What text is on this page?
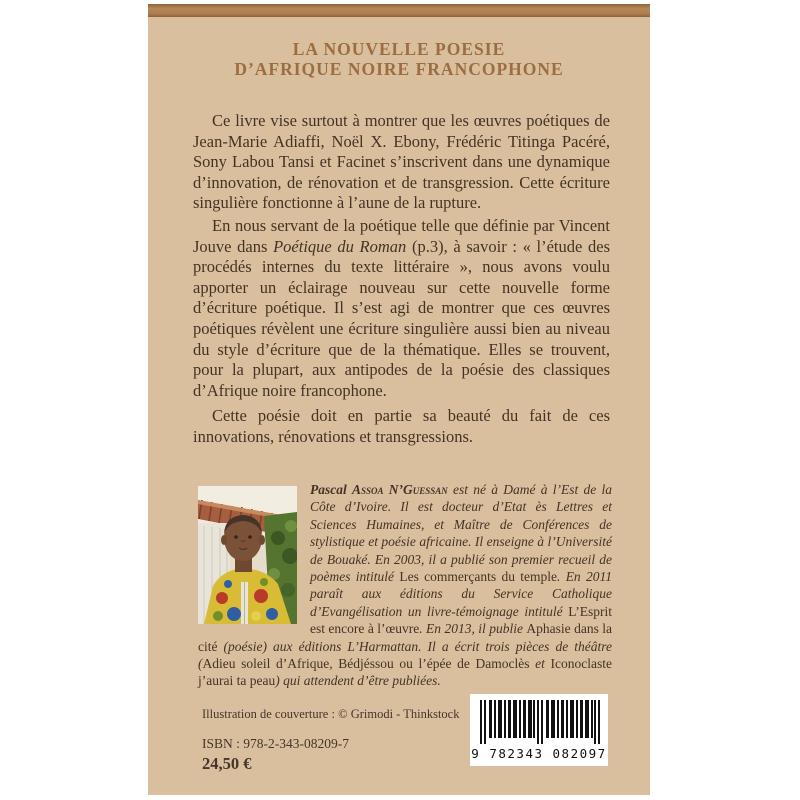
LA NOUVELLE POESIE
D’AFRIQUE NOIRE FRANCOPHONE

Ce livre vise surtout à montrer que les œuvres poétiques de Jean-Marie Adiaffi, Noël X. Ebony, Frédéric Titinga Pacéré, Sony Labou Tansi et Facinet s’inscrivent dans une dynamique d’innovation, de rénovation et de transgression. Cette écriture singulière fonctionne à l’aune de la rupture.

En nous servant de la poétique telle que définie par Vincent Jouve dans Poétique du Roman (p.3), à savoir : « l’étude des procédés internes du texte littéraire », nous avons voulu apporter un éclairage nouveau sur cette nouvelle forme d’écriture poétique. Il s’est agi de montrer que ces œuvres poétiques révèlent une écriture singulière aussi bien au niveau du style d’écriture que de la thématique. Elles se trouvent, pour la plupart, aux antipodes de la poésie des classiques d’Afrique noire francophone.

Cette poésie doit en partie sa beauté du fait de ces innovations, rénovations et transgressions.

Pascal Assoa N’Guessan est né à Damé à l’Est de la Côte d’Ivoire. Il est docteur d’Etat ès Lettres et Sciences Humaines, et Maître de Conférences de stylistique et poésie africaine. Il enseigne à l’Université de Bouaké. En 2003, il a publié son premier recueil de poèmes intitulé Les commerçants du temple. En 2011 paraît aux éditions du Service Catholique d’Evangélisation un livre-témoignage intitulé L’Esprit est encore à l’œuvre. En 2013, il publie Aphasie dans la cité (poésie) aux éditions L’Harmattan. Il a écrit trois pièces de théâtre (Adieu soleil d’Afrique, Bédjéssou ou l’épée de Damoclès et Iconoclaste j’aurai ta peau) qui attendent d’être publiées.
Illustration de couverture : © Grimodi - Thinkstock
ISBN : 978-2-343-08209-7
24,50 €
9 782343 082097
